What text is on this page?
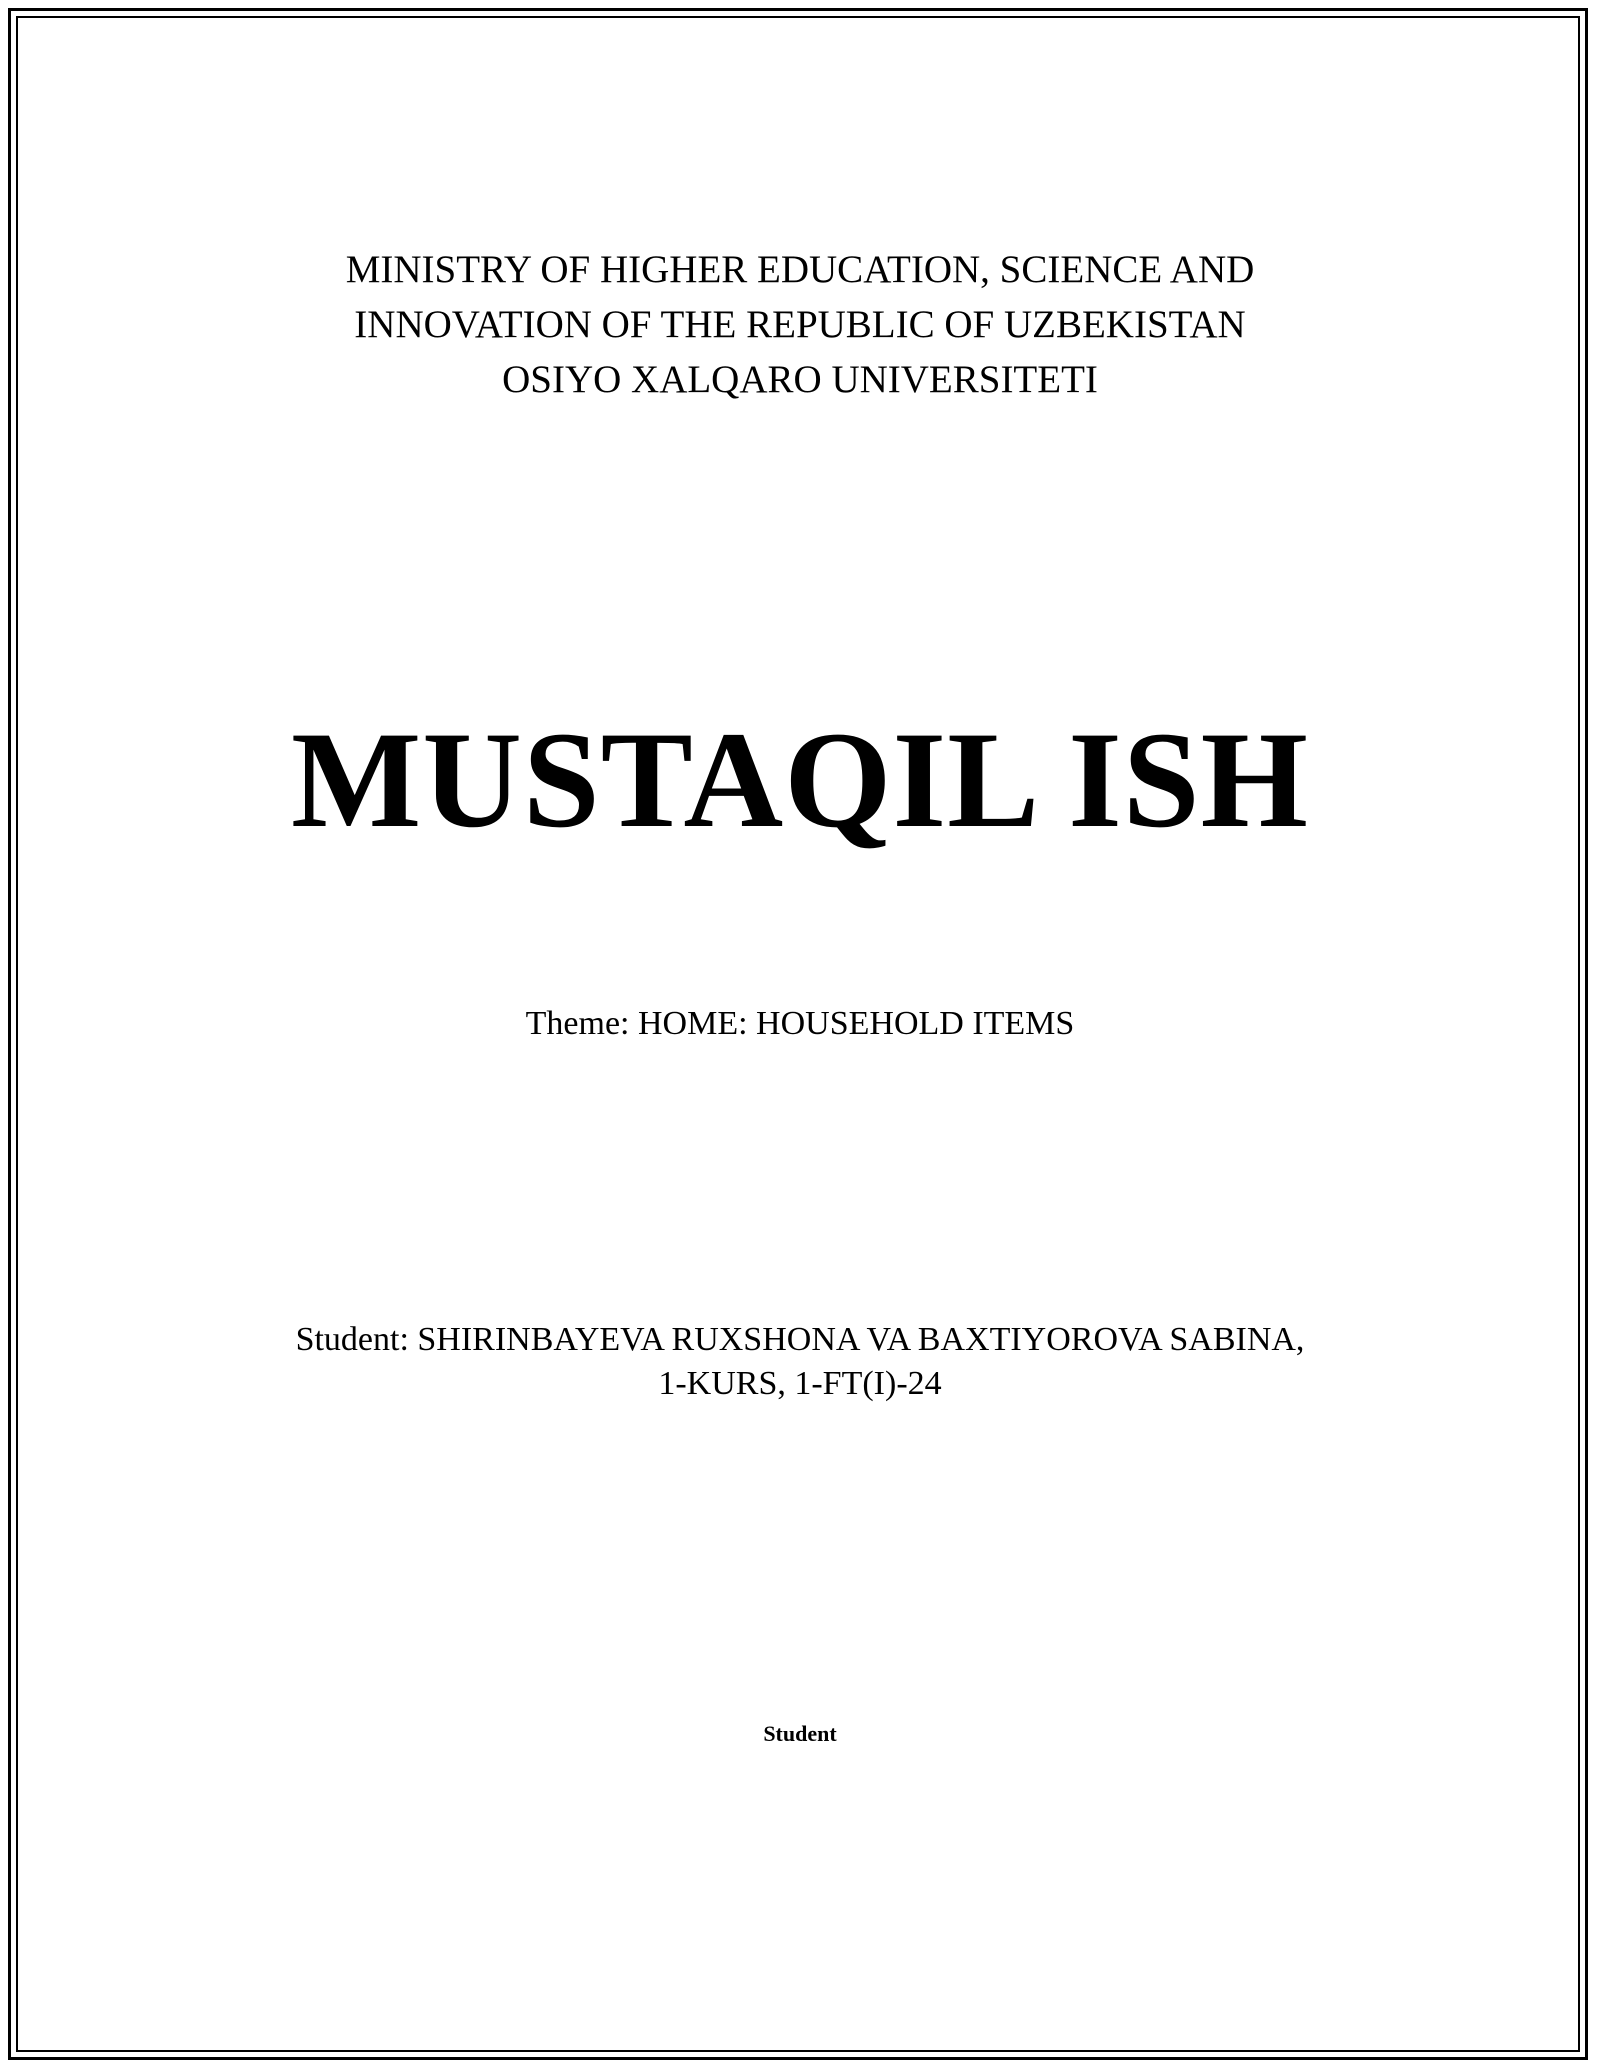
MINISTRY OF HIGHER EDUCATION, SCIENCE AND
INNOVATION OF THE REPUBLIC OF UZBEKISTAN
OSIYO XALQARO UNIVERSITETI
MUSTAQIL ISH
Theme: HOME: HOUSEHOLD ITEMS
Student: SHIRINBAYEVA RUXSHONA VA BAXTIYOROVA SABINA,
1-KURS, 1-FT(I)-24
Student
